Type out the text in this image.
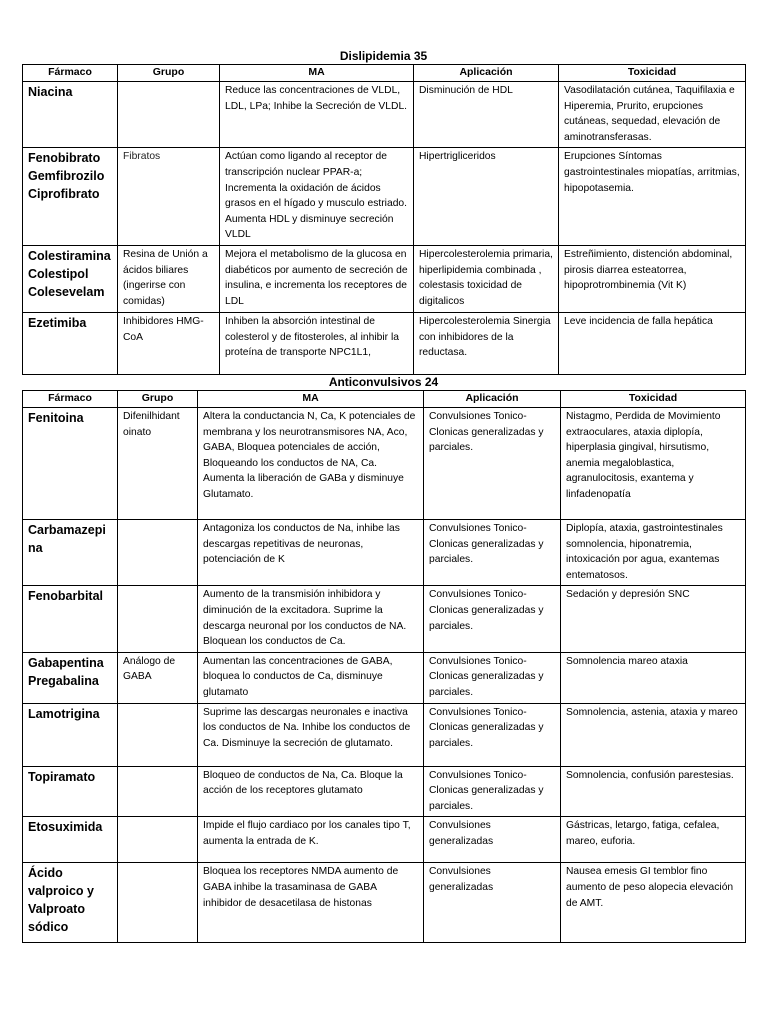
Dislipidemia 35
Fármaco	Grupo	MA	Aplicación	Toxicidad
Niacina		Reduce las concentraciones de VLDL, LDL, LPa; Inhibe la Secreción de VLDL.	Disminución de HDL	Vasodilatación cutánea, Taquifilaxia e Hiperemia, Prurito, erupciones cutáneas, sequedad, elevación de aminotransferasas.
Fenobibrato
Gemfibrozilo
Ciprofibrato	Fibratos	Actúan como ligando al receptor de transcripción nuclear PPAR-a; Incrementa la oxidación de ácidos grasos en el hígado y musculo estriado. Aumenta HDL y disminuye secreción VLDL	Hipertrigliceridos	Erupciones Síntomas gastrointestinales miopatías, arritmias, hipopotasemia.
Colestiramina
Colestipol
Colesevelam	Resina de Unión a ácidos biliares (ingerirse con comidas)	Mejora el metabolismo de la glucosa en diabéticos por aumento de secreción de insulina, e incrementa los receptores de LDL	Hipercolesterolemia primaria, hiperlipidemia combinada , colestasis toxicidad de digitalicos	Estreñimiento, distención abdominal, pirosis diarrea esteatorrea, hipoprotrombinemia (Vit K)
Ezetimiba	Inhibidores HMG-CoA	Inhiben la absorción intestinal de colesterol y de fitosteroles, al inhibir la proteína de transporte NPC1L1,	Hipercolesterolemia Sinergia con inhibidores de la reductasa.	Leve incidencia de falla hepática
Anticonvulsivos 24
Fármaco	Grupo	MA	Aplicación	Toxicidad
Fenitoina	Difenilhidant oinato	Altera la conductancia N, Ca, K potenciales de membrana y los neurotransmisores NA, Aco, GABA, Bloquea potenciales de acción, Bloqueando los conductos de NA, Ca. Aumenta la liberación de GABa y disminuye Glutamato.	Convulsiones Tonico-Clonicas generalizadas y parciales.	Nistagmo, Perdida de Movimiento extraoculares, ataxia diplopía, hiperplasia gingival, hirsutismo, anemia megaloblastica, agranulocitosis, exantema y linfadenopatía
Carbamazepi
na		Antagoniza los conductos de Na, inhibe las descargas repetitivas de neuronas, potenciación de K	Convulsiones Tonico-Clonicas generalizadas y parciales.	Diplopía, ataxia, gastrointestinales somnolencia, hiponatremia, intoxicación por agua, exantemas entematosos.
Fenobarbital		Aumento de la transmisión inhibidora y diminución de la excitadora. Suprime la descarga neuronal por los conductos de NA. Bloquean los conductos de Ca.	Convulsiones Tonico-Clonicas generalizadas y parciales.	Sedación y depresión SNC
Gabapentina
Pregabalina	Análogo de GABA	Aumentan las concentraciones de GABA, bloquea lo conductos de Ca, disminuye glutamato	Convulsiones Tonico-Clonicas generalizadas y parciales.	Somnolencia mareo ataxia
Lamotrigina		Suprime las descargas neuronales e inactiva los conductos de Na. Inhibe los conductos de Ca. Disminuye la secreción de glutamato.	Convulsiones Tonico-Clonicas generalizadas y parciales.	Somnolencia, astenia, ataxia y mareo
Topiramato		Bloqueo de conductos de Na, Ca. Bloque la acción de los receptores glutamato	Convulsiones Tonico-Clonicas generalizadas y parciales.	Somnolencia, confusión parestesias.
Etosuximida		Impide el flujo cardiaco por los canales tipo T, aumenta la entrada de K.	Convulsiones generalizadas	Gástricas, letargo, fatiga, cefalea, mareo, euforia.
Ácido
valproico y
Valproato
sódico		Bloquea los receptores NMDA aumento de GABA inhibe la trasaminasa de GABA inhibidor de desacetilasa de histonas	Convulsiones generalizadas	Nausea emesis GI temblor fino aumento de peso alopecia elevación de AMT.
